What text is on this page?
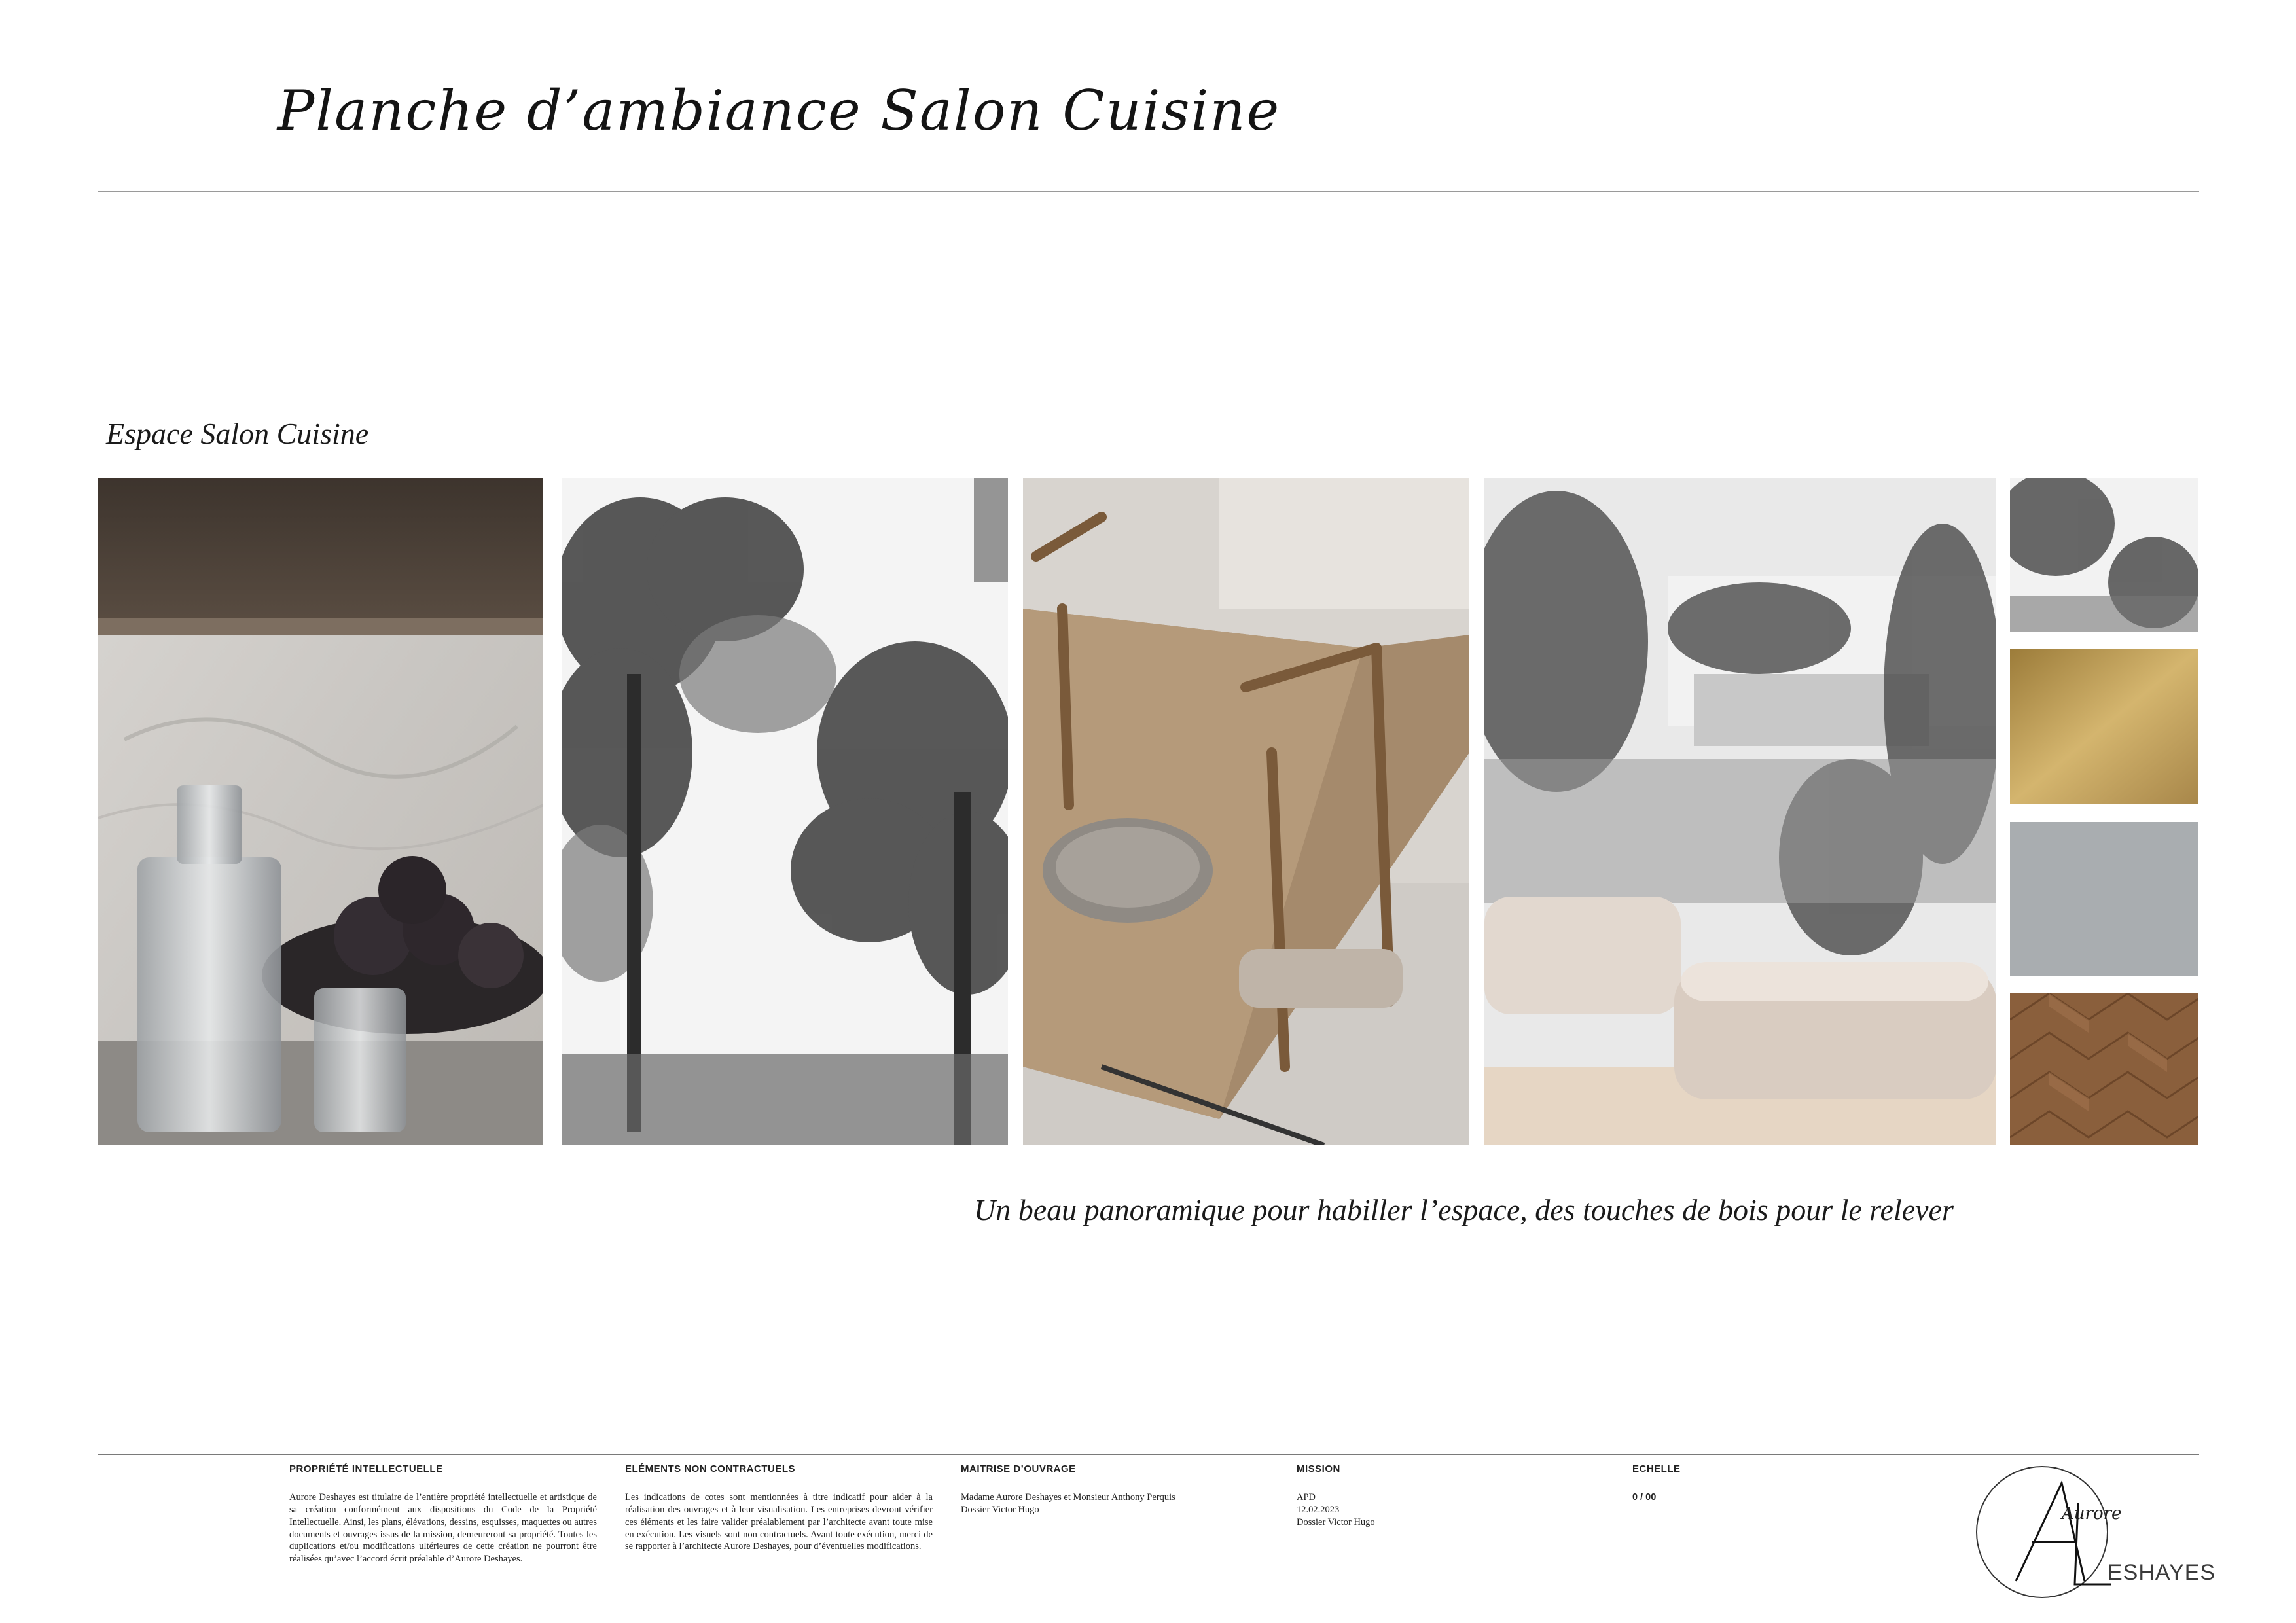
Planche d’ambiance Salon Cuisine
Espace Salon Cuisine
Un beau panoramique pour habiller l’espace, des touches de bois pour le relever
PROPRIÉTÉ INTELLECTUELLE
Aurore Deshayes est titulaire de l’entière propriété intellectuelle et artistique de sa création conformément aux dispositions du Code de la Propriété Intellectuelle. Ainsi, les plans, élévations, dessins, esquisses, maquettes ou autres documents et ouvrages issus de la mission, demeureront sa propriété. Toutes les duplications et/ou modifications ultérieures de cette création ne pourront être réalisées qu’avec l’accord écrit préalable d’Aurore Deshayes.
ELÉMENTS NON CONTRACTUELS
Les indications de cotes sont mentionnées à titre indicatif pour aider à la réalisation des ouvrages et à leur visualisation. Les entreprises devront vérifier ces éléments et les faire valider préalablement par l’architecte avant toute mise en exécution. Les visuels sont non contractuels. Avant toute exécution, merci de se rapporter à l’architecte Aurore Deshayes, pour d’éventuelles modifications.
MAITRISE D’OUVRAGE
Madame Aurore Deshayes et Monsieur Anthony Perquis
Dossier Victor Hugo
MISSION
APD
12.02.2023
Dossier Victor Hugo
ECHELLE
0 / 00
Aurore
ESHAYES
